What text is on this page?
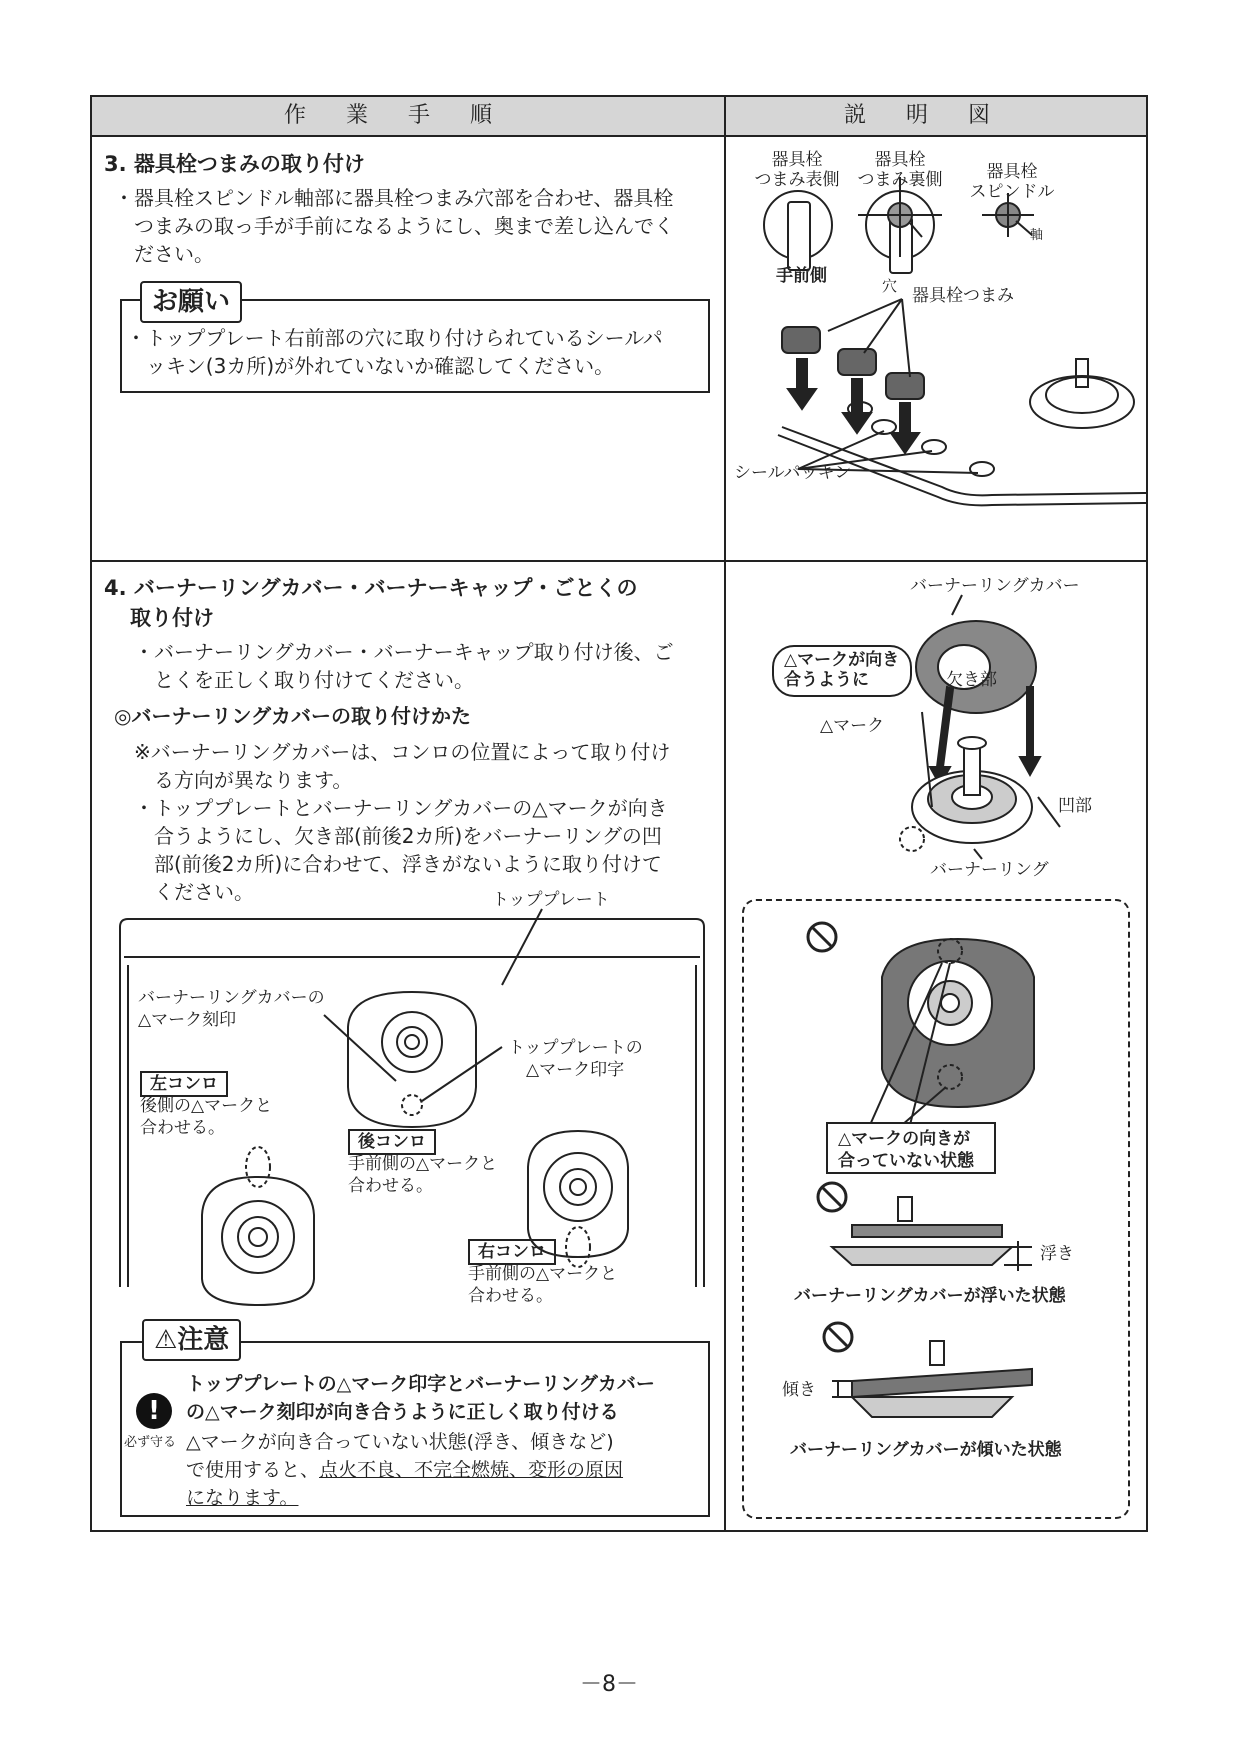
作業手順	説明図
3. 器具栓つまみの取り付け
・器具栓スピンドル軸部に器具栓つまみ穴部を合わせ、器具栓
つまみの取っ手が手前になるようにし、奥まで差し込んでく
ださい。
・トッププレート右前部の穴に取り付けられているシールパ
ッキン(3カ所)が外れていないか確認してください。
お願い
器具栓
つまみ表側
器具栓
つまみ裏側	器具栓
スピンドル
穴
軸
手前側
器具栓つまみ
シールパッキン
4. バーナーリングカバー・バーナーキャップ・ごとくの
取り付け
・バーナーリングカバー・バーナーキャップ取り付け後、ご
とくを正しく取り付けてください。
◎バーナーリングカバーの取り付けかた
※バーナーリングカバーは、コンロの位置によって取り付け
る方向が異なります。
・トッププレートとバーナーリングカバーの△マークが向き
合うようにし、欠き部(前後2カ所)をバーナーリングの凹
部(前後2カ所)に合わせて、浮きがないように取り付けて
ください。	トッププレート
バーナーリングカバーの
△マーク刻印
トッププレートの
△マーク印字
左コンロ
後側の△マークと
合わせる。
後コンロ
手前側の△マークと
合わせる。
右コンロ
手前側の△マークと
合わせる。
!
必ず守る
トッププレートの△マーク印字とバーナーリングカバー
の△マーク刻印が向き合うように正しく取り付ける
△マークが向き合っていない状態(浮き、傾きなど)
で使用すると、点火不良、不完全燃焼、変形の原因
になります。
⚠注意
バーナーリングカバー
△マークが向き
合うように	欠き部
△マーク
凹部
バーナーリング
△マークの向きが
合っていない状態
浮き
バーナーリングカバーが浮いた状態
傾き
バーナーリングカバーが傾いた状態
－8－
